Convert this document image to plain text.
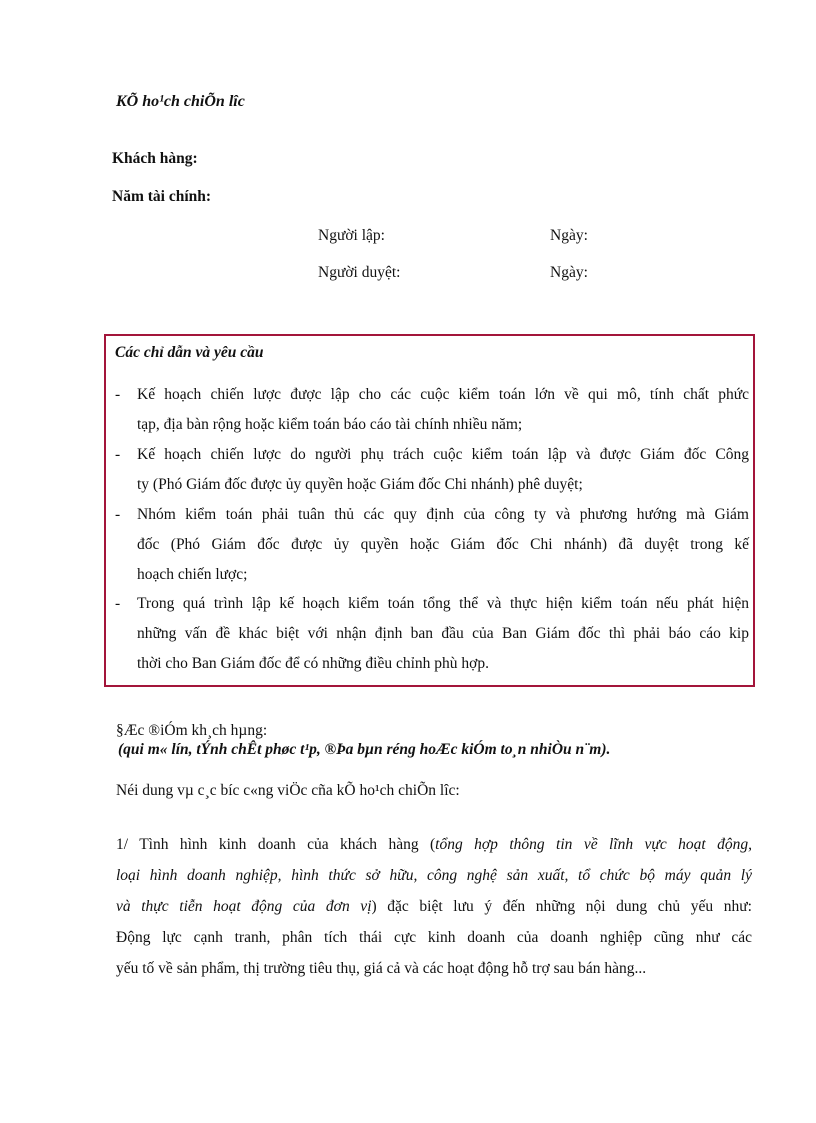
KÕ ho¹ch chiÕn lîc
Khách hàng:
Năm tài chính:
Người lập:	Ngày:
Người duyệt:	Ngày:
Các chỉ dẫn và yêu cầu
-	Kế hoạch chiến lược được lập cho các cuộc kiểm toán lớn về qui mô, tính chất phức
tạp, địa bàn rộng hoặc kiểm toán báo cáo tài chính nhiều năm;
-	Kế hoạch chiến lược do người phụ trách cuộc kiểm toán lập và được Giám đốc Công
ty (Phó Giám đốc được ủy quyền hoặc Giám đốc Chi nhánh) phê duyệt;
-	Nhóm kiểm toán phải tuân thủ các quy định của công ty và phương hướng mà Giám
đốc (Phó Giám đốc được ủy quyền hoặc Giám đốc Chi nhánh) đã duyệt trong kế
hoạch chiến lược;
-	Trong quá trình lập kế hoạch kiểm toán tổng thể và thực hiện kiểm toán nếu phát hiện
những vấn đề khác biệt với nhận định ban đầu của Ban Giám đốc thì phải báo cáo kip
thời cho Ban Giám đốc để có những điều chỉnh phù hợp.
§Æc ®iÓm kh¸ch hµng:
(qui m« lín, tÝnh chÊt phøc t¹p, ®Þa bµn réng hoÆc kiÓm to¸n nhiÒu n¨m).
Néi dung vµ c¸c bíc c«ng viÖc cña kÕ ho¹ch chiÕn lîc:
1/ Tình hình kinh doanh của khách hàng (tổng hợp thông tin về lĩnh vực hoạt động,
loại hình doanh nghiệp, hình thức sở hữu, công nghệ sản xuất, tổ chức bộ máy quản lý
và thực tiễn hoạt động của đơn vị) đặc biệt lưu ý đến những nội dung chủ yếu như:
Động lực cạnh tranh, phân tích thái cực kinh doanh của doanh nghiệp cũng như các
yếu tố về sản phẩm, thị trường tiêu thụ, giá cả và các hoạt động hỗ trợ sau bán hàng...
